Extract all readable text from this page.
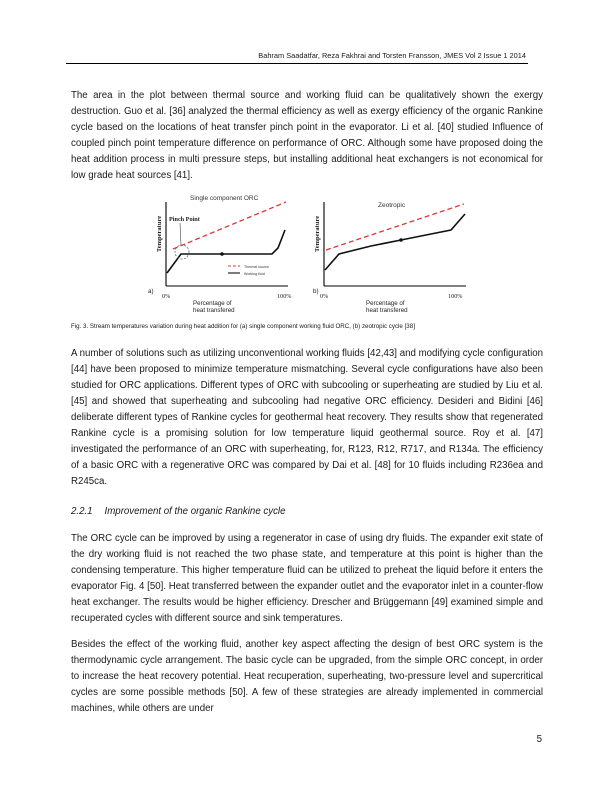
Bahram Saadatfar, Reza Fakhrai and Torsten Fransson, JMES Vol 2 Issue 1 2014

The area in the plot between thermal source and working fluid can be qualitatively shown the exergy destruction. Guo et al. [36] analyzed the thermal efficiency as well as exergy efficiency of the organic Rankine cycle based on the locations of heat transfer pinch point in the evaporator. Li et al. [40] studied Influence of coupled pinch point temperature difference on performance of ORC. Although some have proposed doing the heat addition process in multi pressure steps, but installing additional heat exchangers is not economical for low grade heat sources [41].

Single component ORC
Temperature Pinch Point
Thermal source
Working fluid
a)
0%	100%
Percentage of
heat transfered
Zeotropic
Temperature
b)
0%	100%
Percentage of
heat transfered
Fig. 3. Stream temperatures variation during heat addition for (a) single component working fluid ORC, (b) zeotropic cycle [38]

A number of solutions such as utilizing unconventional working fluids [42,43] and modifying cycle configuration [44] have been proposed to minimize temperature mismatching. Several cycle configurations have also been studied for ORC applications. Different types of ORC with subcooling or superheating are studied by Liu et al. [45] and showed that superheating and subcooling had negative ORC efficiency. Desideri and Bidini [46] deliberate different types of Rankine cycles for geothermal heat recovery. They results show that regenerated Rankine cycle is a promising solution for low temperature liquid geothermal source. Roy et al. [47] investigated the performance of an ORC with superheating, for, R123, R12, R717, and R134a. The efficiency of a basic ORC with a regenerative ORC was compared by Dai et al. [48] for 10 fluids including R236ea and R245ca.

2.2.1 Improvement of the organic Rankine cycle

The ORC cycle can be improved by using a regenerator in case of using dry fluids. The expander exit state of the dry working fluid is not reached the two phase state, and temperature at this point is higher than the condensing temperature. This higher temperature fluid can be utilized to preheat the liquid before it enters the evaporator Fig. 4 [50]. Heat transferred between the expander outlet and the evaporator inlet in a counter-flow heat exchanger. The results would be higher efficiency. Drescher and Brüggemann [49] examined simple and recuperated cycles with different source and sink temperatures.

Besides the effect of the working fluid, another key aspect affecting the design of best ORC system is the thermodynamic cycle arrangement. The basic cycle can be upgraded, from the simple ORC concept, in order to increase the heat recovery potential. Heat recuperation, superheating, two-pressure level and supercritical cycles are some possible methods [50]. A few of these strategies are already implemented in commercial machines, while others are under

5
